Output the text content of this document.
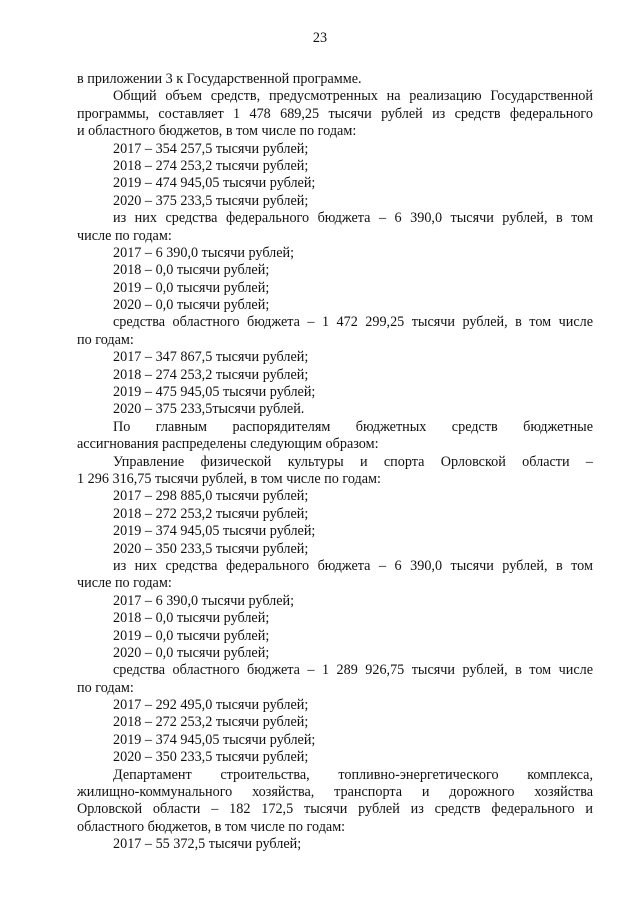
23
в приложении 3 к Государственной программе.
Общий объем средств, предусмотренных на реализацию Государственной
программы, составляет 1 478 689,25 тысячи рублей из средств федерального
и областного бюджетов, в том числе по годам:
2017 – 354 257,5 тысячи рублей;
2018 – 274 253,2 тысячи рублей;
2019 – 474 945,05 тысячи рублей;
2020 – 375 233,5 тысячи рублей;
из них средства федерального бюджета – 6 390,0 тысячи рублей, в том
числе по годам:
2017 – 6 390,0 тысячи рублей;
2018 – 0,0 тысячи рублей;
2019 – 0,0 тысячи рублей;
2020 – 0,0 тысячи рублей;
средства областного бюджета – 1 472 299,25 тысячи рублей, в том числе
по годам:
2017 – 347 867,5 тысячи рублей;
2018 – 274 253,2 тысячи рублей;
2019 – 475 945,05 тысячи рублей;
2020 – 375 233,5тысячи рублей.
По главным распорядителям бюджетных средств бюджетные
ассигнования распределены следующим образом:
Управление физической культуры и спорта Орловской области –
1 296 316,75 тысячи рублей, в том числе по годам:
2017 – 298 885,0 тысячи рублей;
2018 – 272 253,2 тысячи рублей;
2019 – 374 945,05 тысячи рублей;
2020 – 350 233,5 тысячи рублей;
из них средства федерального бюджета – 6 390,0 тысячи рублей, в том
числе по годам:
2017 – 6 390,0 тысячи рублей;
2018 – 0,0 тысячи рублей;
2019 – 0,0 тысячи рублей;
2020 – 0,0 тысячи рублей;
средства областного бюджета – 1 289 926,75 тысячи рублей, в том числе
по годам:
2017 – 292 495,0 тысячи рублей;
2018 – 272 253,2 тысячи рублей;
2019 – 374 945,05 тысячи рублей;
2020 – 350 233,5 тысячи рублей;
Департамент строительства, топливно-энергетического комплекса,
жилищно-коммунального хозяйства, транспорта и дорожного хозяйства
Орловской области – 182 172,5 тысячи рублей из средств федерального и
областного бюджетов, в том числе по годам:
2017 – 55 372,5 тысячи рублей;
